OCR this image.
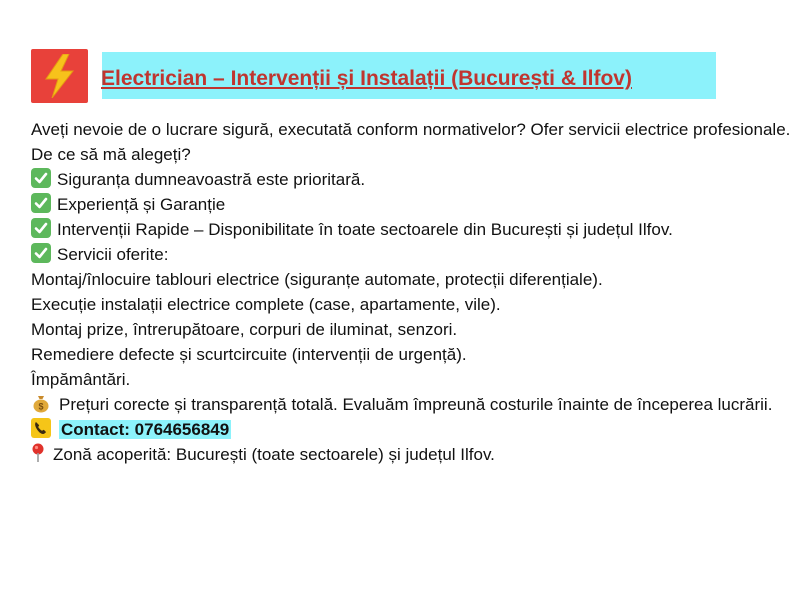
Electrician – Intervenții și Instalații (București & Ilfov)
Aveți nevoie de o lucrare sigură, executată conform normativelor? Ofer servicii electrice profesionale.
De ce să mă alegeți?
Siguranța dumneavoastră este prioritară.
Experiență și Garanție
Intervenții Rapide – Disponibilitate în toate sectoarele din București și județul Ilfov.
Servicii oferite:
Montaj/înlocuire tablouri electrice (siguranțe automate, protecții diferențiale).
Execuție instalații electrice complete (case, apartamente, vile).
Montaj prize, întrerupătoare, corpuri de iluminat, senzori.
Remediere defecte și scurtcircuite (intervenții de urgență).
Împământări.
$ Prețuri corecte și transparență totală. Evaluăm împreună costurile înainte de începerea lucrării.
Contact: 0764656849
Zonă acoperită: București (toate sectoarele) și județul Ilfov.
